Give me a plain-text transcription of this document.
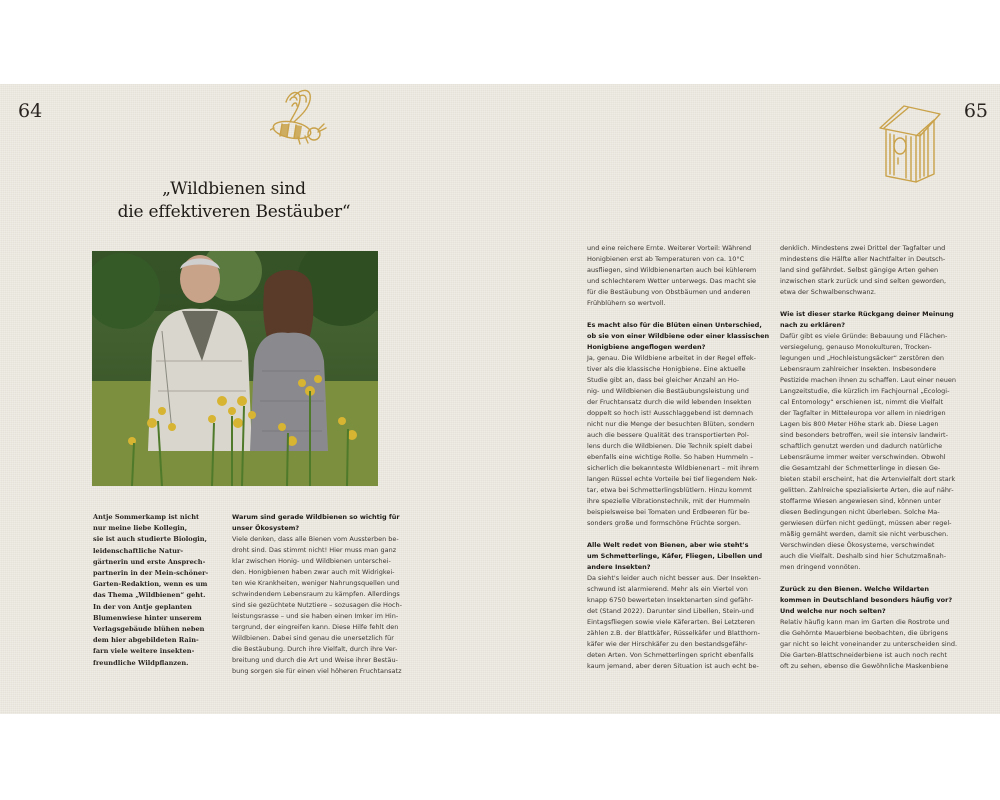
64	65
„Wildbienen sind
die effektiveren Bestäuber“
Antje Sommerkamp ist nicht
nur meine liebe Kollegin,
sie ist auch studierte Biologin,
leidenschaftliche Natur-
gärtnerin und erste Ansprech-
partnerin in der Mein-schöner-
Garten-Redaktion, wenn es um
das Thema „Wildbienen“ geht.
In der von Antje geplanten
Blumenwiese hinter unserem
Verlagsgebäude blühen neben
dem hier abgebildeten Rain-
farn viele weitere insekten-
freundliche Wildpflanzen.
Warum sind gerade Wildbienen so wichtig für
unser Ökosystem?
Viele denken, dass alle Bienen vom Aussterben be-
droht sind. Das stimmt nicht! Hier muss man ganz
klar zwischen Honig- und Wildbienen unterschei-
den. Honigbienen haben zwar auch mit Widrigkei-
ten wie Krankheiten, weniger Nahrungsquellen und
schwindendem Lebensraum zu kämpfen. Allerdings
sind sie gezüchtete Nutztiere – sozusagen die Hoch-
leistungsrasse – und sie haben einen Imker im Hin-
tergrund, der eingreifen kann. Diese Hilfe fehlt den
Wildbienen. Dabei sind genau die unersetzlich für
die Bestäubung. Durch ihre Vielfalt, durch ihre Ver-
breitung und durch die Art und Weise ihrer Bestäu-
bung sorgen sie für einen viel höheren Fruchtansatz
und eine reichere Ernte. Weiterer Vorteil: Während
Honigbienen erst ab Temperaturen von ca. 10°C
ausfliegen, sind Wildbienenarten auch bei kühlerem
und schlechterem Wetter unterwegs. Das macht sie
für die Bestäubung von Obstbäumen und anderen
Frühblühern so wertvoll.
Es macht also für die Blüten einen Unterschied,
ob sie von einer Wildbiene oder einer klassischen
Honigbiene angeflogen werden?
Ja, genau. Die Wildbiene arbeitet in der Regel effek-
tiver als die klassische Honigbiene. Eine aktuelle
Studie gibt an, dass bei gleicher Anzahl an Ho-
nig- und Wildbienen die Bestäubungsleistung und
der Fruchtansatz durch die wild lebenden Insekten
doppelt so hoch ist! Ausschlaggebend ist demnach
nicht nur die Menge der besuchten Blüten, sondern
auch die bessere Qualität des transportierten Pol-
lens durch die Wildbienen. Die Technik spielt dabei
ebenfalls eine wichtige Rolle. So haben Hummeln –
sicherlich die bekannteste Wildbienenart – mit ihrem
langen Rüssel echte Vorteile bei tief liegendem Nek-
tar, etwa bei Schmetterlingsblütlern. Hinzu kommt
ihre spezielle Vibrationstechnik, mit der Hummeln
beispielsweise bei Tomaten und Erdbeeren für be-
sonders große und formschöne Früchte sorgen.
Alle Welt redet von Bienen, aber wie steht's
um Schmetterlinge, Käfer, Fliegen, Libellen und
andere Insekten?
Da sieht's leider auch nicht besser aus. Der Insekten-
schwund ist alarmierend. Mehr als ein Viertel von
knapp 6750 bewerteten Insektenarten sind gefähr-
det (Stand 2022). Darunter sind Libellen, Stein-und
Eintagsfliegen sowie viele Käferarten. Bei Letzteren
zählen z.B. der Blattkäfer, Rüsselkäfer und Blatthorn-
käfer wie der Hirschkäfer zu den bestandsgefähr-
deten Arten. Von Schmetterlingen spricht ebenfalls
kaum jemand, aber deren Situation ist auch echt be-
denklich. Mindestens zwei Drittel der Tagfalter und
mindestens die Hälfte aller Nachtfalter in Deutsch-
land sind gefährdet. Selbst gängige Arten gehen
inzwischen stark zurück und sind selten geworden,
etwa der Schwalbenschwanz.
Wie ist dieser starke Rückgang deiner Meinung
nach zu erklären?
Dafür gibt es viele Gründe: Bebauung und Flächen-
versiegelung, genauso Monokulturen, Trocken-
legungen und „Hochleistungsäcker“ zerstören den
Lebensraum zahlreicher Insekten. Insbesondere
Pestizide machen ihnen zu schaffen. Laut einer neuen
Langzeitstudie, die kürzlich im Fachjournal „Ecologi-
cal Entomology“ erschienen ist, nimmt die Vielfalt
der Tagfalter in Mitteleuropa vor allem in niedrigen
Lagen bis 800 Meter Höhe stark ab. Diese Lagen
sind besonders betroffen, weil sie intensiv landwirt-
schaftlich genutzt werden und dadurch natürliche
Lebensräume immer weiter verschwinden. Obwohl
die Gesamtzahl der Schmetterlinge in diesen Ge-
bieten stabil erscheint, hat die Artenvielfalt dort stark
gelitten. Zahlreiche spezialisierte Arten, die auf nähr-
stoffarme Wiesen angewiesen sind, können unter
diesen Bedingungen nicht überleben. Solche Ma-
gerwiesen dürfen nicht gedüngt, müssen aber regel-
mäßig gemäht werden, damit sie nicht verbuschen.
Verschwinden diese Ökosysteme, verschwindet
auch die Vielfalt. Deshalb sind hier Schutzmaßnah-
men dringend vonnöten.
Zurück zu den Bienen. Welche Wildarten
kommen in Deutschland besonders häufig vor?
Und welche nur noch selten?
Relativ häufig kann man im Garten die Rostrote und
die Gehörnte Mauerbiene beobachten, die übrigens
gar nicht so leicht voneinander zu unterscheiden sind.
Die Garten-Blattschneiderbiene ist auch noch recht
oft zu sehen, ebenso die Gewöhnliche Maskenbiene
